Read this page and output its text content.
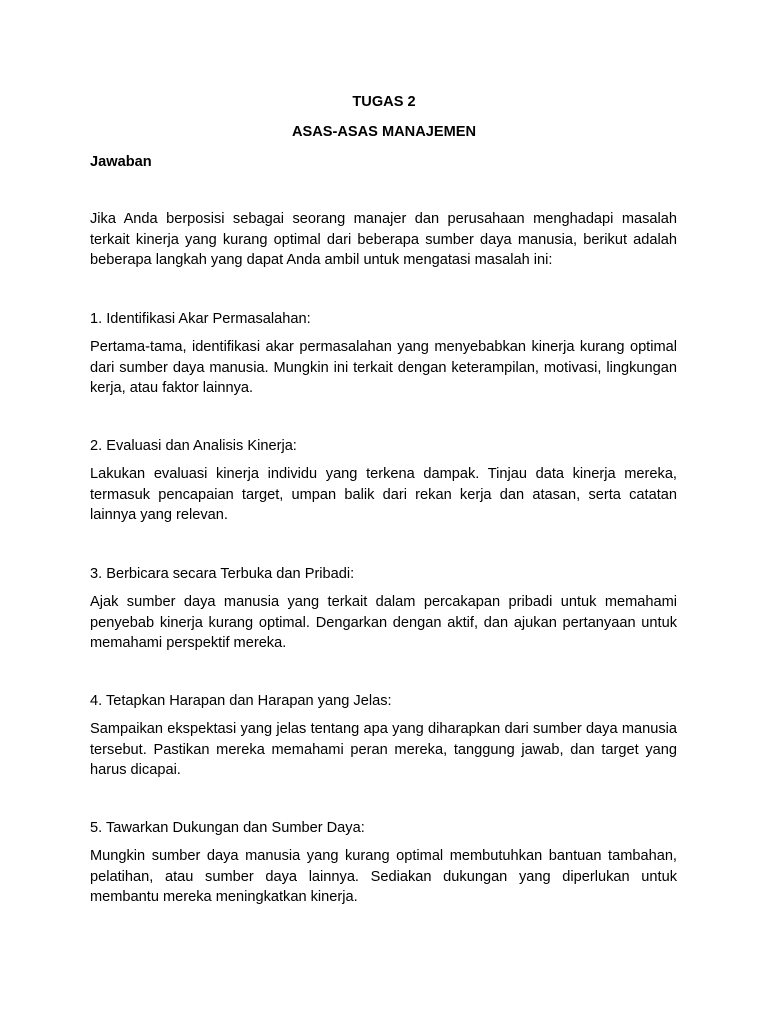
TUGAS 2
ASAS-ASAS MANAJEMEN
Jawaban
Jika Anda berposisi sebagai seorang manajer dan perusahaan menghadapi masalah terkait kinerja yang kurang optimal dari beberapa sumber daya manusia, berikut adalah beberapa langkah yang dapat Anda ambil untuk mengatasi masalah ini:
1. Identifikasi Akar Permasalahan:
Pertama-tama, identifikasi akar permasalahan yang menyebabkan kinerja kurang optimal dari sumber daya manusia. Mungkin ini terkait dengan keterampilan, motivasi, lingkungan kerja, atau faktor lainnya.
2. Evaluasi dan Analisis Kinerja:
Lakukan evaluasi kinerja individu yang terkena dampak. Tinjau data kinerja mereka, termasuk pencapaian target, umpan balik dari rekan kerja dan atasan, serta catatan lainnya yang relevan.
3. Berbicara secara Terbuka dan Pribadi:
Ajak sumber daya manusia yang terkait dalam percakapan pribadi untuk memahami penyebab kinerja kurang optimal. Dengarkan dengan aktif, dan ajukan pertanyaan untuk memahami perspektif mereka.
4. Tetapkan Harapan dan Harapan yang Jelas:
Sampaikan ekspektasi yang jelas tentang apa yang diharapkan dari sumber daya manusia tersebut. Pastikan mereka memahami peran mereka, tanggung jawab, dan target yang harus dicapai.
5. Tawarkan Dukungan dan Sumber Daya:
Mungkin sumber daya manusia yang kurang optimal membutuhkan bantuan tambahan, pelatihan, atau sumber daya lainnya. Sediakan dukungan yang diperlukan untuk membantu mereka meningkatkan kinerja.
